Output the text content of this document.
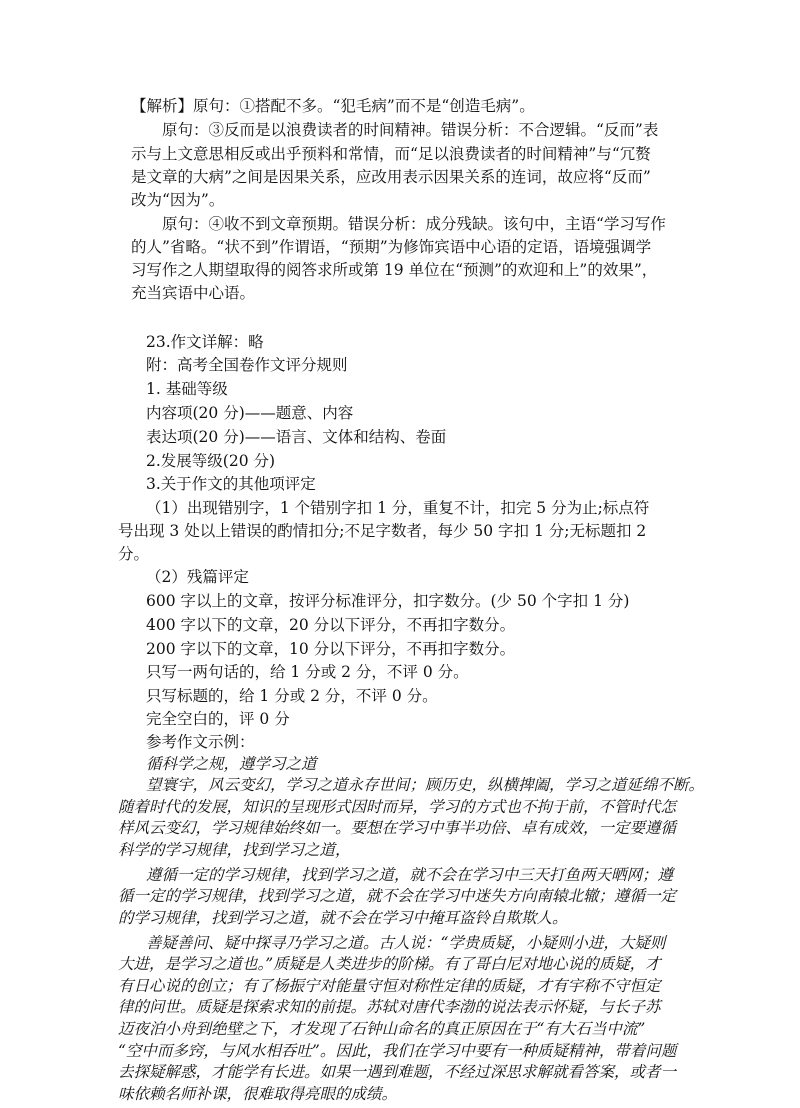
【解析】原句：①搭配不多。“犯毛病”而不是“创造毛病”。

原句：③反而是以浪费读者的时间精神。错误分析：不合逻辑。“反而”表

示与上文意思相反或出乎预料和常情，而“足以浪费读者的时间精神”与“冗赘

是文章的大病”之间是因果关系，应改用表示因果关系的连词，故应将“反而”

改为“因为”。

原句：④收不到文章预期。错误分析：成分残缺。该句中，主语“学习写作

的人”省略。“状不到”作谓语，“预期”为修饰宾语中心语的定语，语境强调学

习写作之人期望取得的阅答求所或第 19 单位在“预测”的欢迎和上”的效果”，

充当宾语中心语。

23.作文详解：略

附：高考全国卷作文评分规则

1. 基础等级

内容项(20 分)——题意、内容

表达项(20 分)——语言、文体和结构、卷面

2.发展等级(20 分)

3.关于作文的其他项评定

（1）出现错别字，1 个错别字扣 1 分，重复不计，扣完 5 分为止;标点符

号出现 3 处以上错误的酌情扣分;不足字数者，每少 50 字扣 1 分;无标题扣 2

分。

（2）残篇评定

600 字以上的文章，按评分标准评分，扣字数分。(少 50 个字扣 1 分)

400 字以下的文章，20 分以下评分，不再扣字数分。

200 字以下的文章，10 分以下评分，不再扣字数分。

只写一两句话的，给 1 分或 2 分，不评 0 分。

只写标题的，给 1 分或 2 分，不评 0 分。

完全空白的，评 0 分

参考作文示例：

循科学之规，遵学习之道

望寰宇，风云变幻，学习之道永存世间；顾历史，纵横捭阖，学习之道延绵不断。

随着时代的发展，知识的呈现形式因时而异，学习的方式也不拘于前，不管时代怎

样风云变幻，学习规律始终如一。要想在学习中事半功倍、卓有成效，一定要遵循

科学的学习规律，找到学习之道，

遵循一定的学习规律，找到学习之道，就不会在学习中三天打鱼两天晒网；遵

循一定的学习规律，找到学习之道，就不会在学习中迷失方向南辕北辙；遵循一定

的学习规律，找到学习之道，就不会在学习中掩耳盗铃自欺欺人。

善疑善问、疑中探寻乃学习之道。古人说：“学贵质疑，小疑则小进，大疑则

大进，是学习之道也。”质疑是人类进步的阶梯。有了哥白尼对地心说的质疑，才

有日心说的创立；有了杨振宁对能量守恒对称性定律的质疑，才有宇称不守恒定

律的问世。质疑是探索求知的前提。苏轼对唐代李渤的说法表示怀疑，与长子苏

迈夜泊小舟到绝壁之下，才发现了石钟山命名的真正原因在于“有大石当中流”

“空中而多窍，与风水相吞吐”。因此，我们在学习中要有一种质疑精神，带着问题

去探疑解惑，才能学有长进。如果一遇到难题，不经过深思求解就看答案，或者一

味依赖名师补课，很难取得亮眼的成绩。
